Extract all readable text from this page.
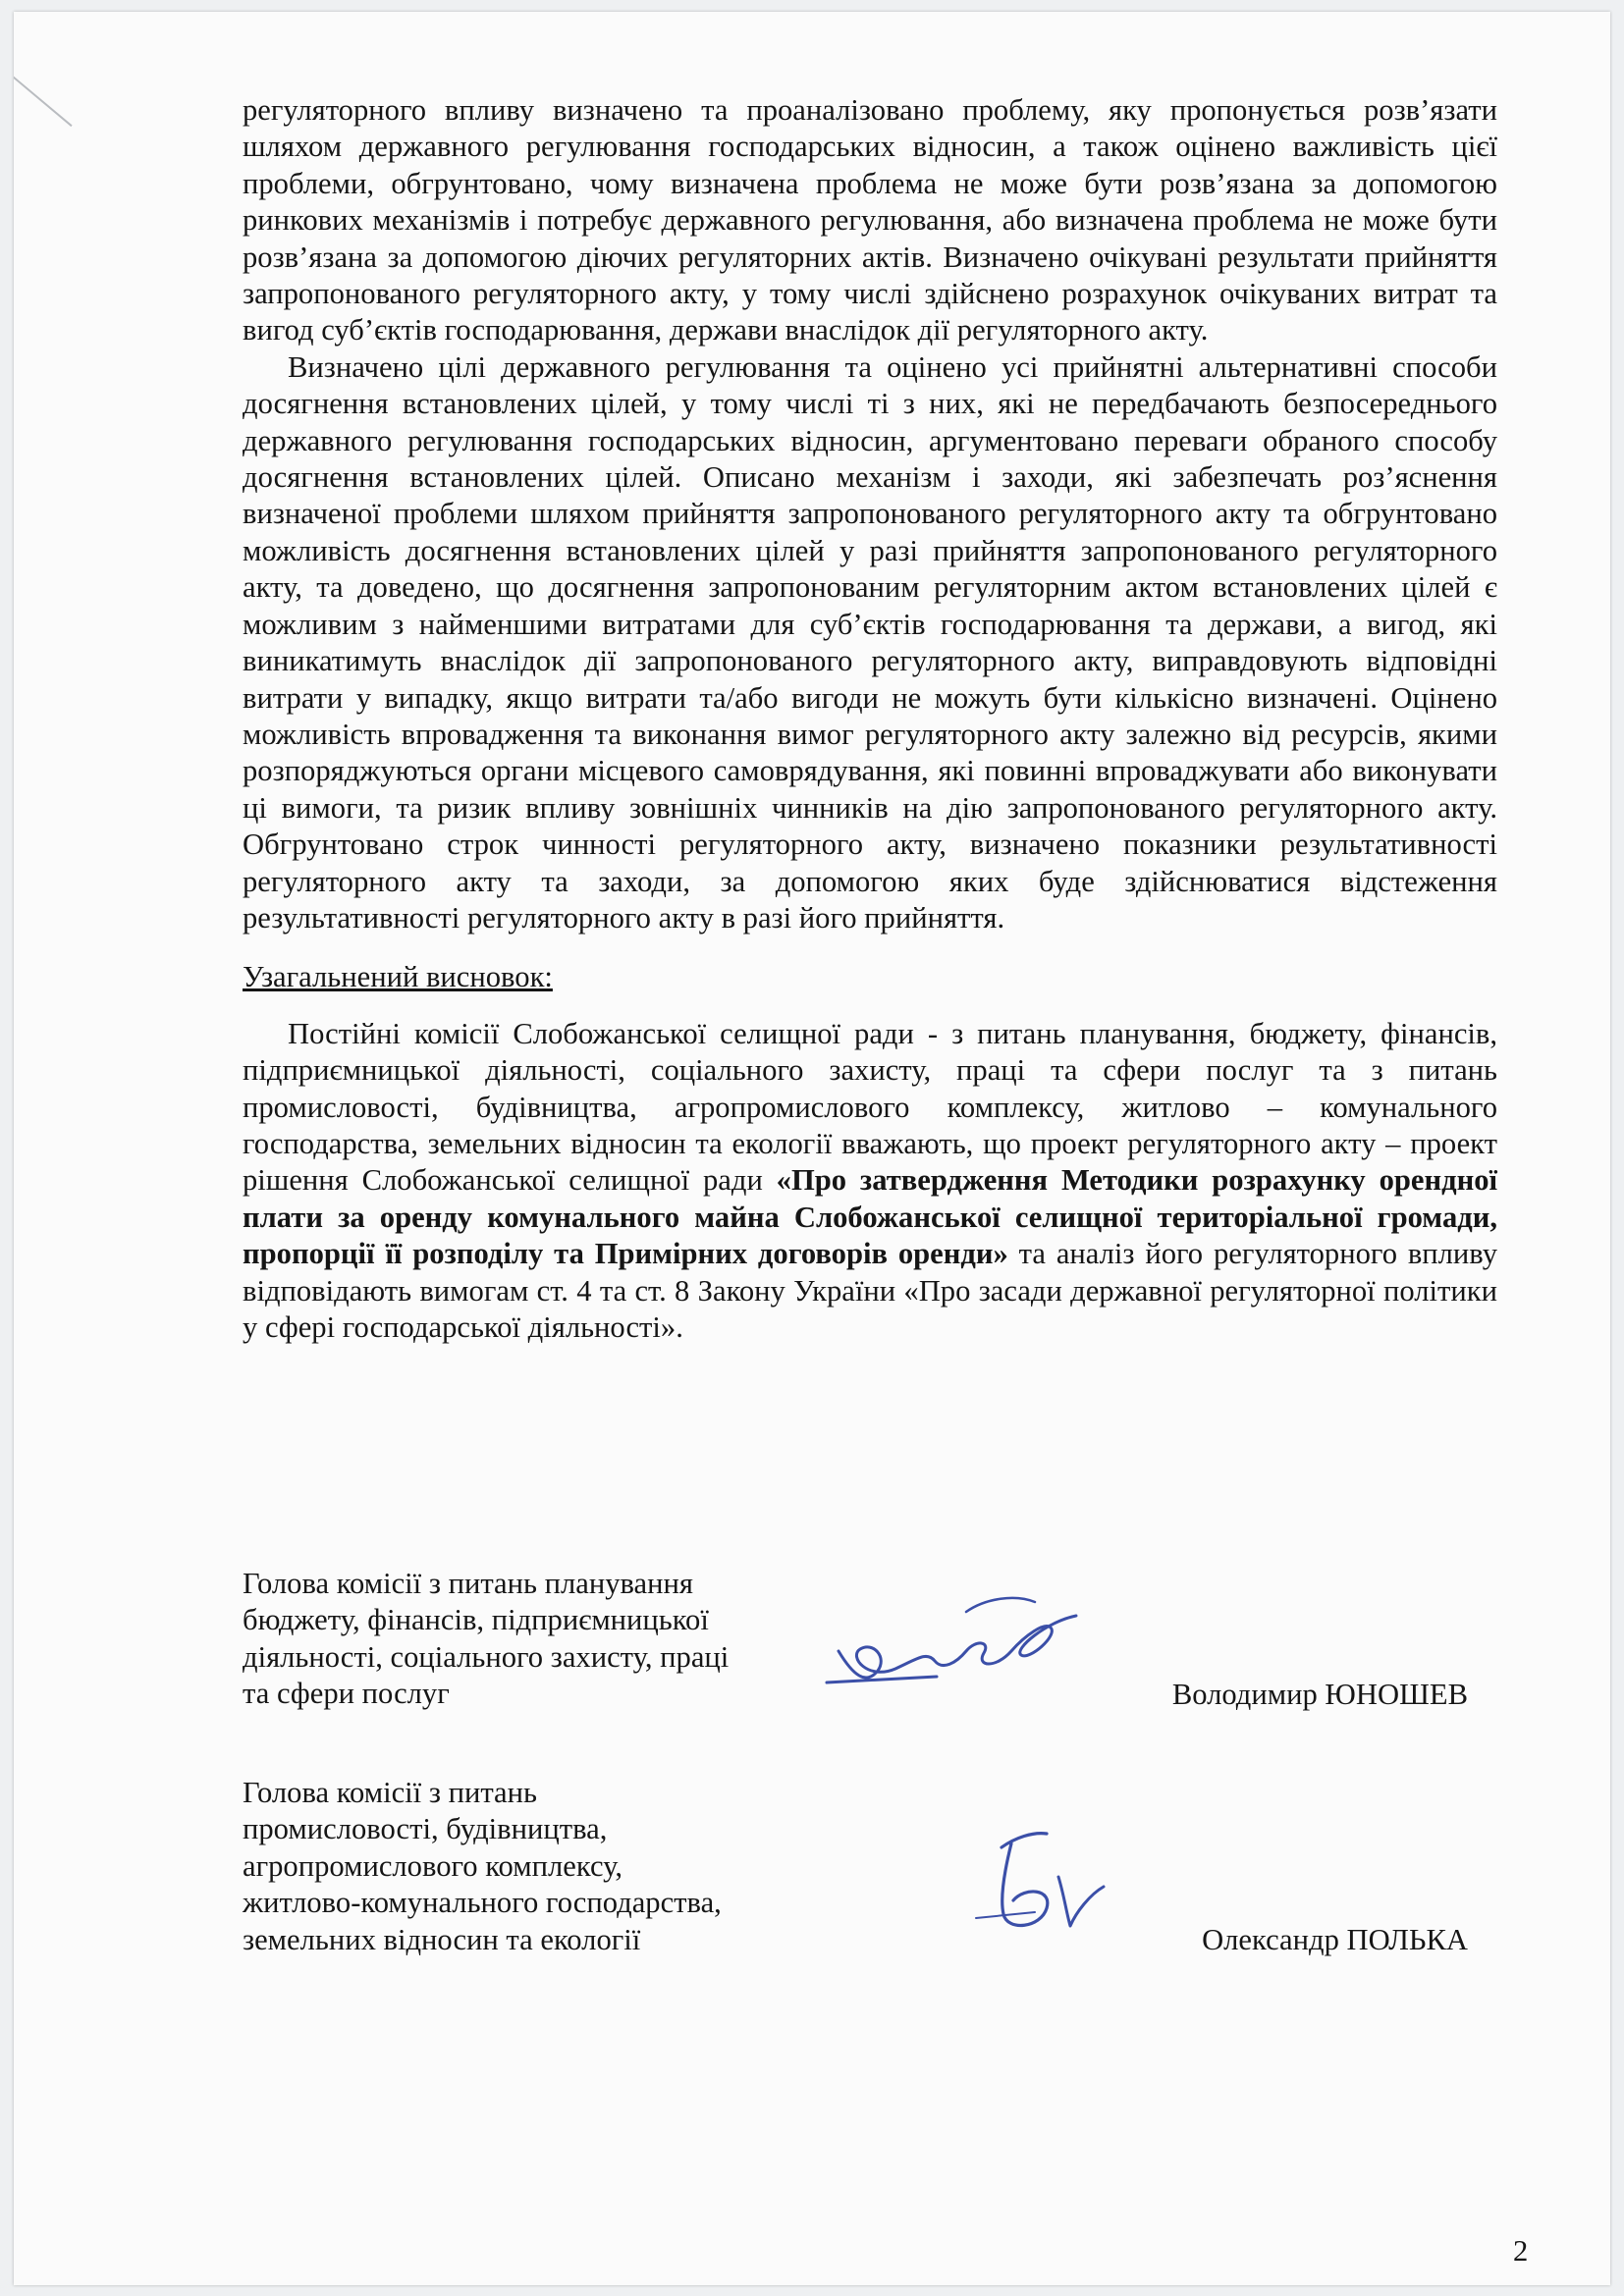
регуляторного впливу визначено та проаналізовано проблему, яку пропонується розв’язати шляхом державного регулювання господарських відносин, а також оцінено важливість цієї проблеми, обгрунтовано, чому визначена проблема не може бути розв’язана за допомогою ринкових механізмів і потребує державного регулювання, або визначена проблема не може бути розв’язана за допомогою діючих регуляторних актів. Визначено очікувані результати прийняття запропонованого регуляторного акту, у тому числі здійснено розрахунок очікуваних витрат та вигод суб’єктів господарювання, держави внаслідок дії регуляторного акту.

Визначено цілі державного регулювання та оцінено усі прийнятні альтернативні способи досягнення встановлених цілей, у тому числі ті з них, які не передбачають безпосереднього державного регулювання господарських відносин, аргументовано переваги обраного способу досягнення встановлених цілей. Описано механізм і заходи, які забезпечать роз’яснення визначеної проблеми шляхом прийняття запропонованого регуляторного акту та обгрунтовано можливість досягнення встановлених цілей у разі прийняття запропонованого регуляторного акту, та доведено, що досягнення запропонованим регуляторним актом встановлених цілей є можливим з найменшими витратами для суб’єктів господарювання та держави, а вигод, які виникатимуть внаслідок дії запропонованого регуляторного акту, виправдовують відповідні витрати у випадку, якщо витрати та/або вигоди не можуть бути кількісно визначені. Оцінено можливість впровадження та виконання вимог регуляторного акту залежно від ресурсів, якими розпоряджуються органи місцевого самоврядування, які повинні впроваджувати або виконувати ці вимоги, та ризик впливу зовнішніх чинників на дію запропонованого регуляторного акту. Обгрунтовано строк чинності регуляторного акту, визначено показники результативності регуляторного акту та заходи, за допомогою яких буде здійснюватися відстеження результативності регуляторного акту в разі його прийняття.

Узагальнений висновок:

Постійні комісії Слобожанської селищної ради - з питань планування, бюджету, фінансів, підприємницької діяльності, соціального захисту, праці та сфери послуг та з питань промисловості, будівництва, агропромислового комплексу, житлово – комунального господарства, земельних відносин та екології вважають, що проект регуляторного акту – проект рішення Слобожанської селищної ради «Про затвердження Методики розрахунку орендної плати за оренду комунального майна Слобожанської селищної територіальної громади, пропорції її розподілу та Примірних договорів оренди» та аналіз його регуляторного впливу відповідають вимогам ст. 4 та ст. 8 Закону України «Про засади державної регуляторної політики у сфері господарської діяльності».

Голова комісії з питань планування
бюджету, фінансів, підприємницької
діяльності, соціального захисту, праці
та сфери послуг	Володимир ЮНОШЕВ
Голова комісії з питань
промисловості, будівництва,
агропромислового комплексу,
житлово-комунального господарства,
земельних відносин та екології	Олександр ПОЛЬКА
2
